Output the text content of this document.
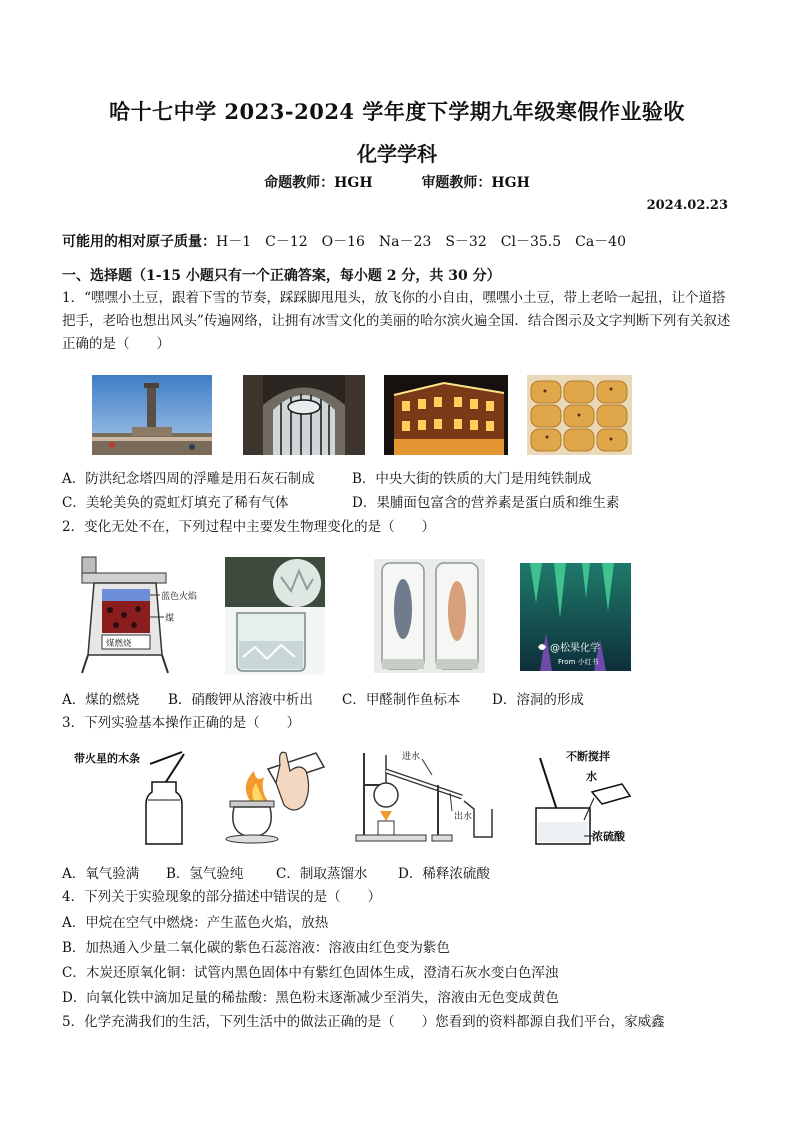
哈十七中学 2023-2024 学年度下学期九年级寒假作业验收
化学学科
命题教师：HGH	审题教师：HGH
2024.02.23
可能用的相对原子质量：H－1　C－12　O－16　Na－23　S－32　Cl－35.5　Ca－40
一、选择题（1-15 小题只有一个正确答案，每小题 2 分，共 30 分）
1．“嘿嘿小土豆，跟着下雪的节奏，踩踩脚甩甩头，放飞你的小自由，嘿嘿小土豆，带上老哈一起扭，让个道搭把手，老哈也想出风头”传遍网络，让拥有冰雪文化的美丽的哈尔滨火遍全国．结合图示及文字判断下列有关叙述正确的是（　　）
A．防洪纪念塔四周的浮雕是用石灰石制成	B．中央大街的铁质的大门是用纯铁制成
C．美轮美奂的霓虹灯填充了稀有气体	D．果脯面包富含的营养素是蛋白质和维生素
2．变化无处不在，下列过程中主要发生物理变化的是（　　）
蓝色火焰
煤
煤燃烧	@松果化学
From 小红书
A．煤的燃烧 B．硝酸钾从溶液中析出 C．甲醛制作鱼标本 D．溶洞的形成
3．下列实验基本操作正确的是（　　）
带火星的木条	进水
出水
不断搅拌
水
浓硫酸
A．氧气验满 B．氢气验纯 C．制取蒸馏水 D．稀释浓硫酸
4．下列关于实验现象的部分描述中错误的是（　　）
A．甲烷在空气中燃烧：产生蓝色火焰，放热
B．加热通入少量二氧化碳的紫色石蕊溶液：溶液由红色变为紫色
C．木炭还原氧化铜：试管内黑色固体中有紫红色固体生成，澄清石灰水变白色浑浊
D．向氧化铁中滴加足量的稀盐酸：黑色粉末逐渐减少至消失，溶液由无色变成黄色
5．化学充满我们的生活，下列生活中的做法正确的是（　　）您看到的资料都源自我们平台，家威鑫
